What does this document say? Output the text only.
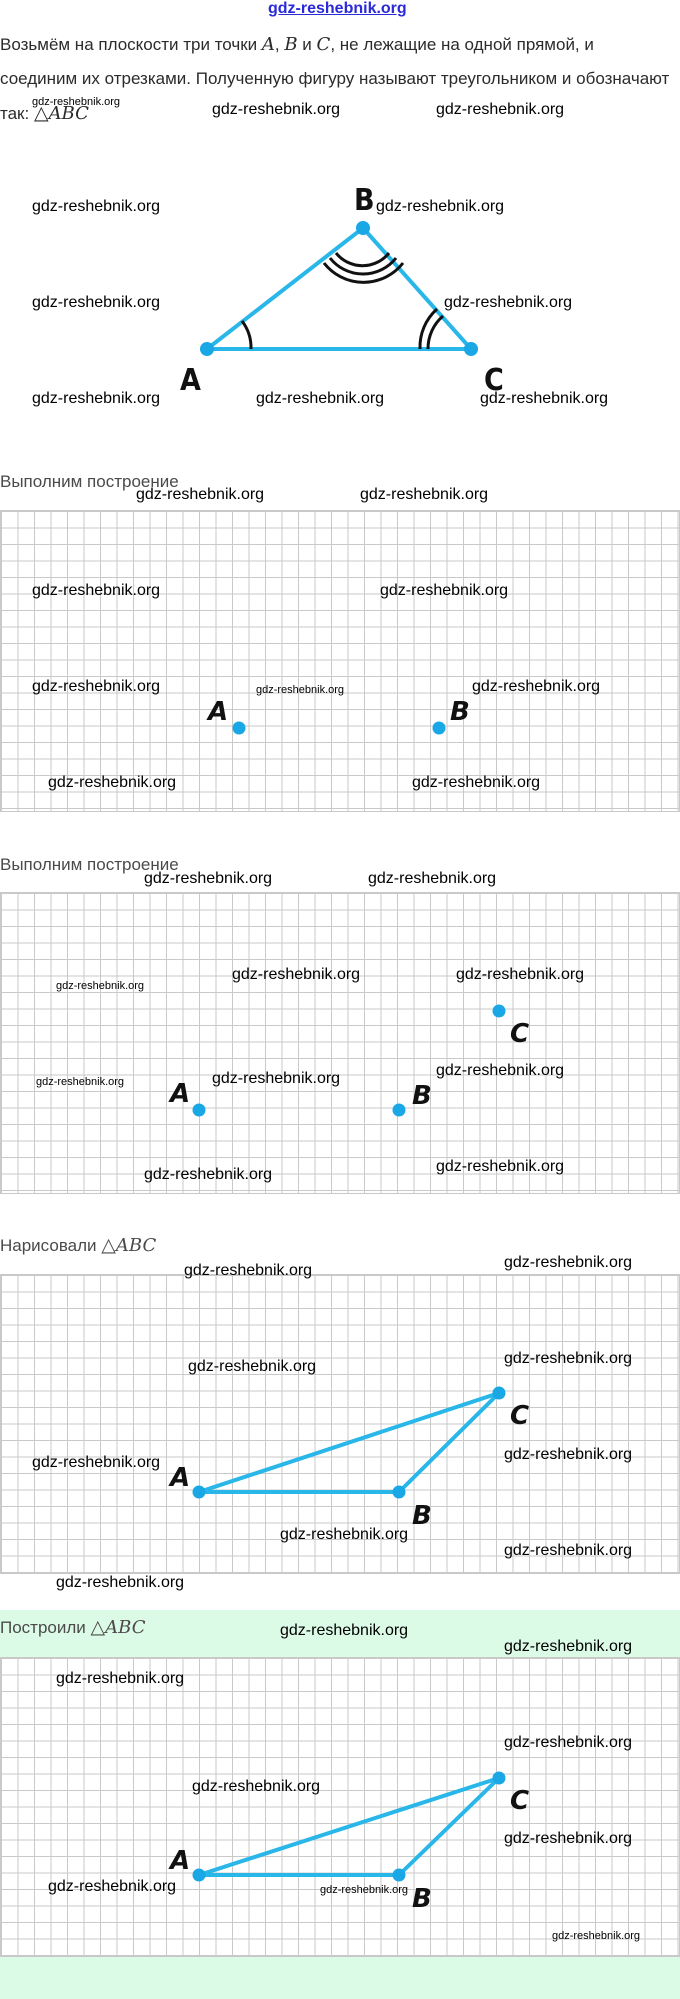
gdz-reshebnik.org
Возьмём на плоскости три точки A, B и C, не лежащие на одной прямой, и соединим их отрезками. Полученную фигуру называют треугольником и обозначают так: △ABC
gdz-reshebnik.org	gdz-reshebnik.org	gdz-reshebnik.org
A
B
C
gdz-reshebnik.org	gdz-reshebnik.org
gdz-reshebnik.org	gdz-reshebnik.org
gdz-reshebnik.org	gdz-reshebnik.org	gdz-reshebnik.org
Выполним построение
A	B
gdz-reshebnik.org	gdz-reshebnik.org
gdz-reshebnik.org	gdz-reshebnik.org
gdz-reshebnik.org	gdz-reshebnik.org	gdz-reshebnik.org
gdz-reshebnik.org	gdz-reshebnik.org
Выполним построение
A	B
C
gdz-reshebnik.org	gdz-reshebnik.org
gdz-reshebnik.org
gdz-reshebnik.org	gdz-reshebnik.org
gdz-reshebnik.org	gdz-reshebnik.org	gdz-reshebnik.org
gdz-reshebnik.org	gdz-reshebnik.org
Нарисовали △ABC
A
B
C
gdz-reshebnik.org	gdz-reshebnik.org
gdz-reshebnik.org	gdz-reshebnik.org
gdz-reshebnik.org	gdz-reshebnik.org
gdz-reshebnik.org
gdz-reshebnik.org
gdz-reshebnik.org
Построили △ABC
A
B
C
gdz-reshebnik.org
gdz-reshebnik.org
gdz-reshebnik.org
gdz-reshebnik.org
gdz-reshebnik.org
gdz-reshebnik.org
gdz-reshebnik.org	gdz-reshebnik.org
gdz-reshebnik.org
